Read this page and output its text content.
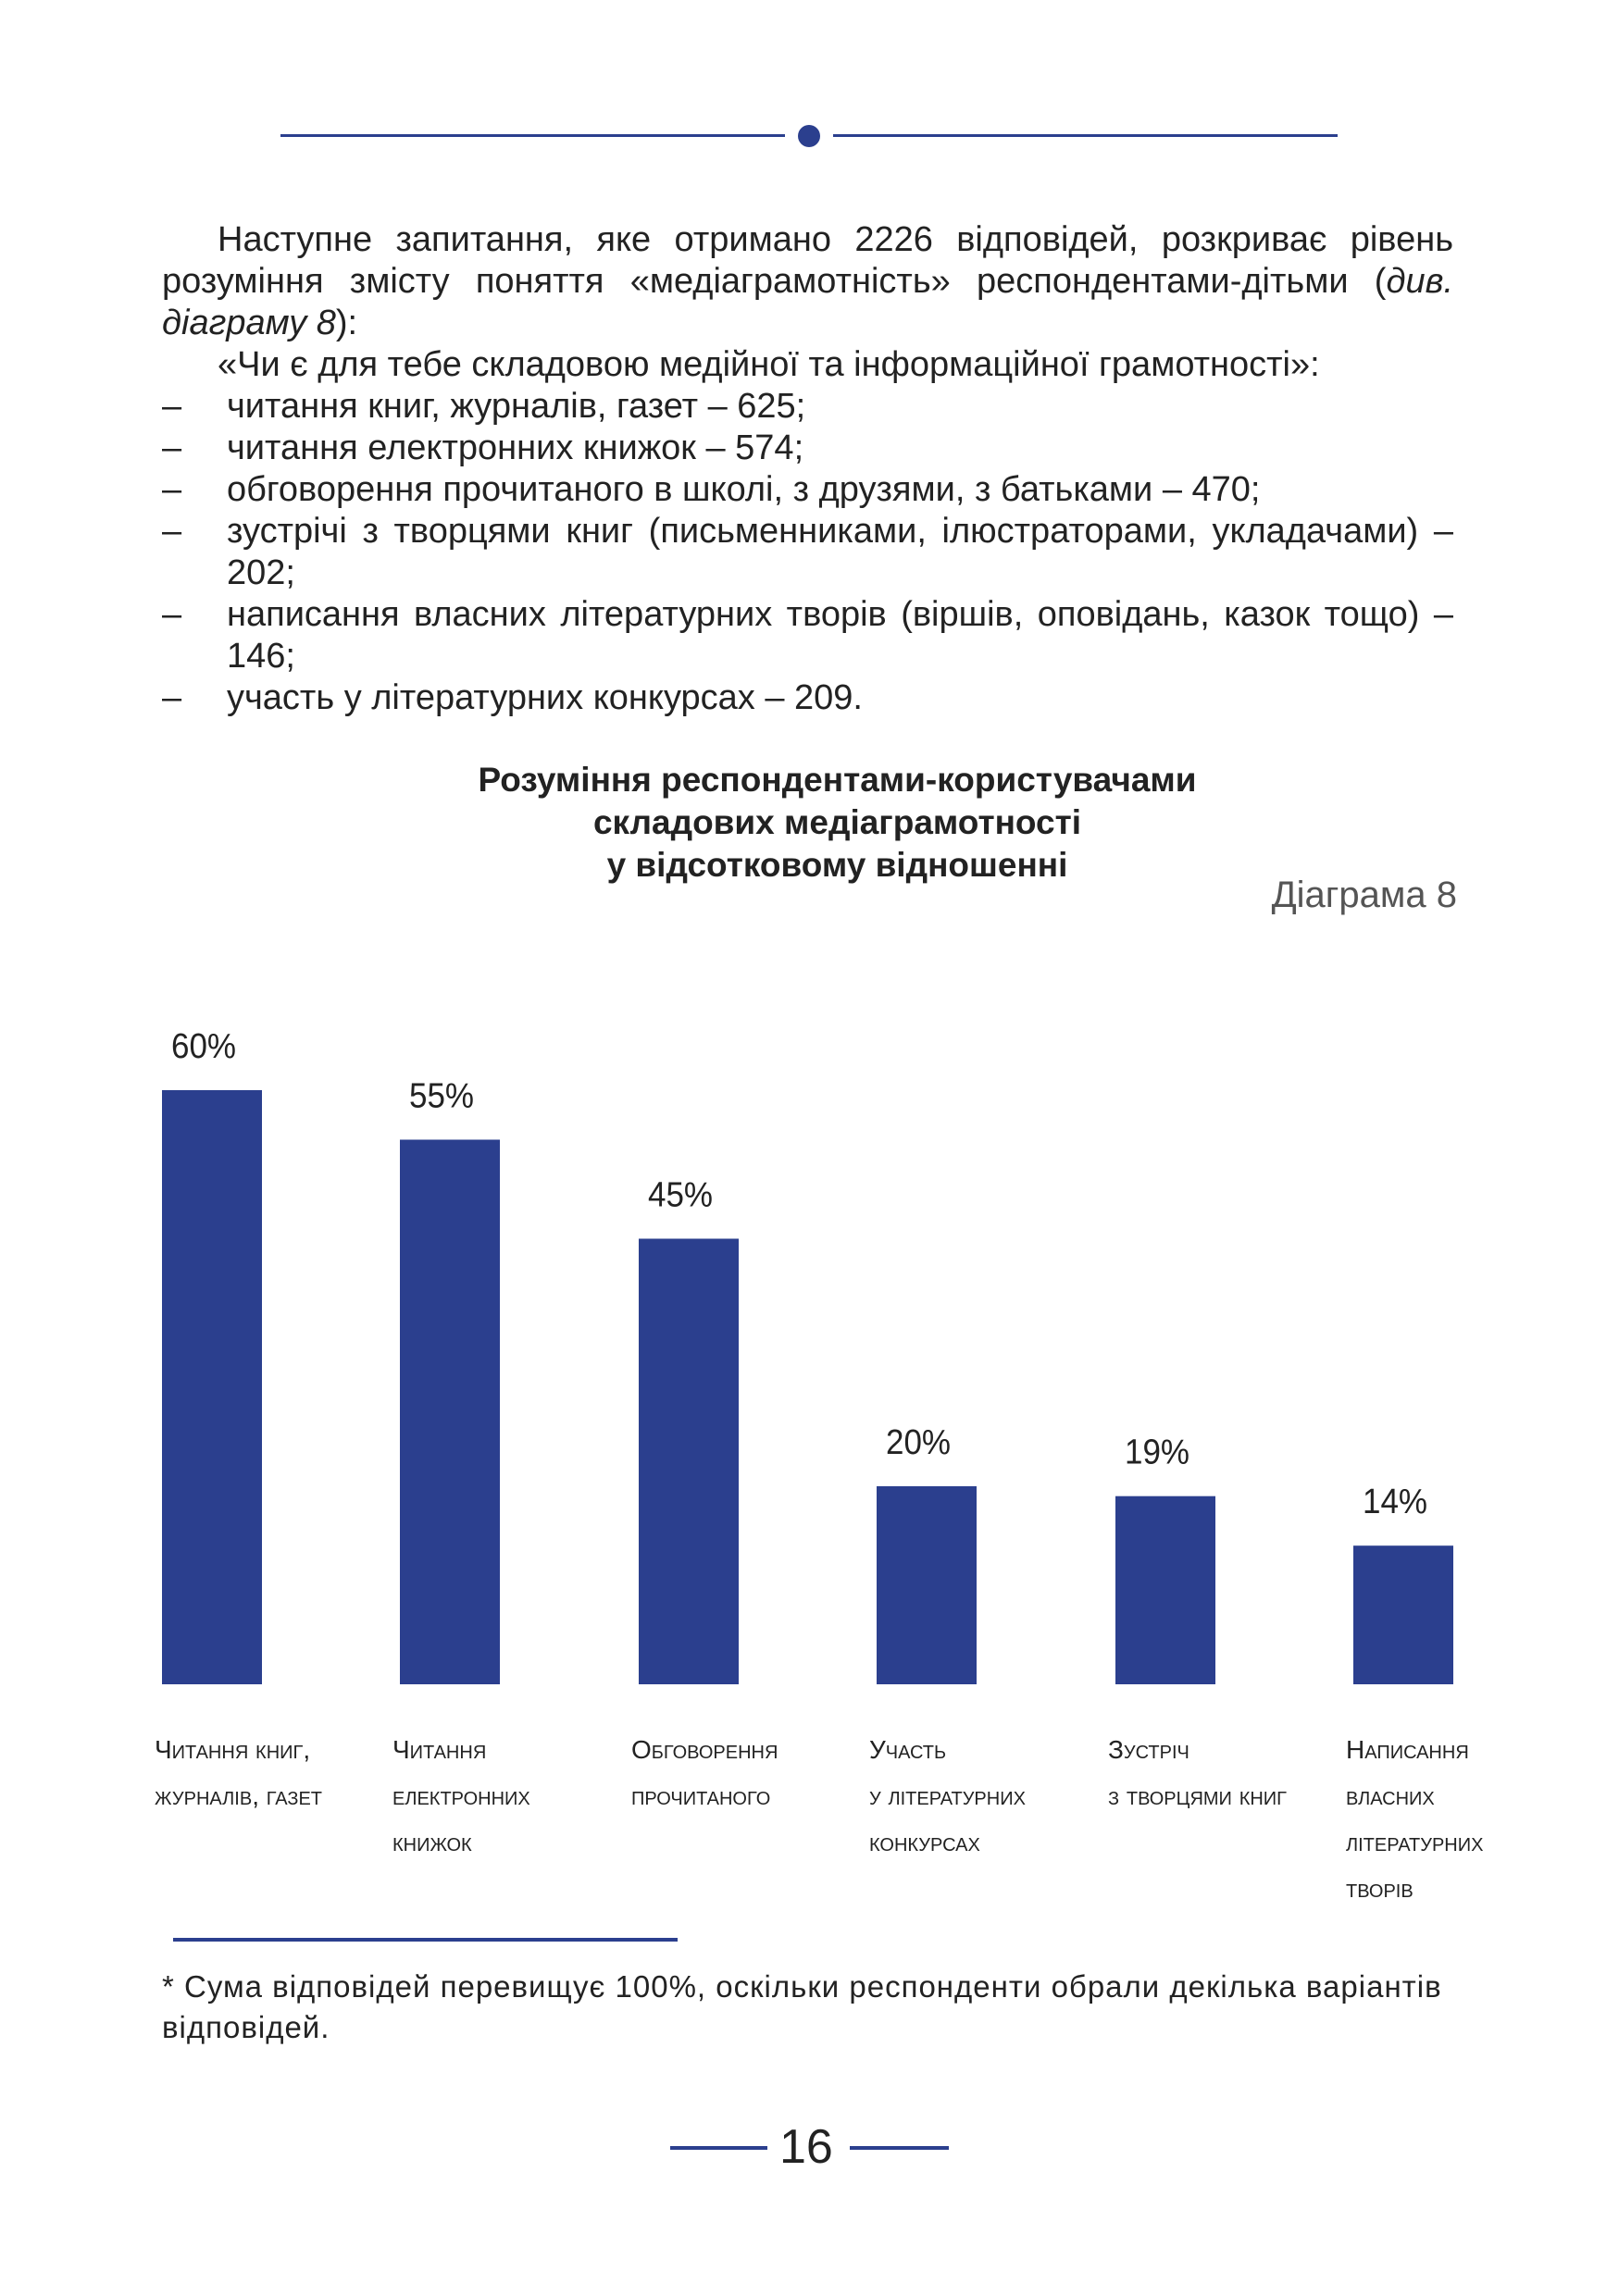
Наступне запитання, яке отримано 2226 відповідей, розкриває рівень розуміння змісту поняття «медіаграмотність» респондентами-дітьми (див. діаграму 8):

«Чи є для тебе складовою медійної та інформаційної грамотності»:

–	читання книг, журналів, газет – 625;
–	читання електронних книжок – 574;
–	обговорення прочитаного в школі, з друзями, з батьками – 470;
–	зустрічі з творцями книг (письменниками, ілюстраторами, укладачами) – 202;
–	написання власних літературних творів (віршів, оповідань, казок тощо) – 146;
–	участь у літературних конкурсах – 209.
Розуміння респондентами-користувачами
складових медіаграмотності
у відсотковому відношенні
Діаграма 8
60%
Читання книг,
журналів, газет
55%
Читання
електронних
книжок
45%
Обговорення
прочитаного
20%
Участь
у літературних
конкурсах
19%
Зустріч
з творцями книг
14%
Написання
власних
літературних
творів
* Сума відповідей перевищує 100%, оскільки респонденти обрали декілька варіантів відповідей.
16
